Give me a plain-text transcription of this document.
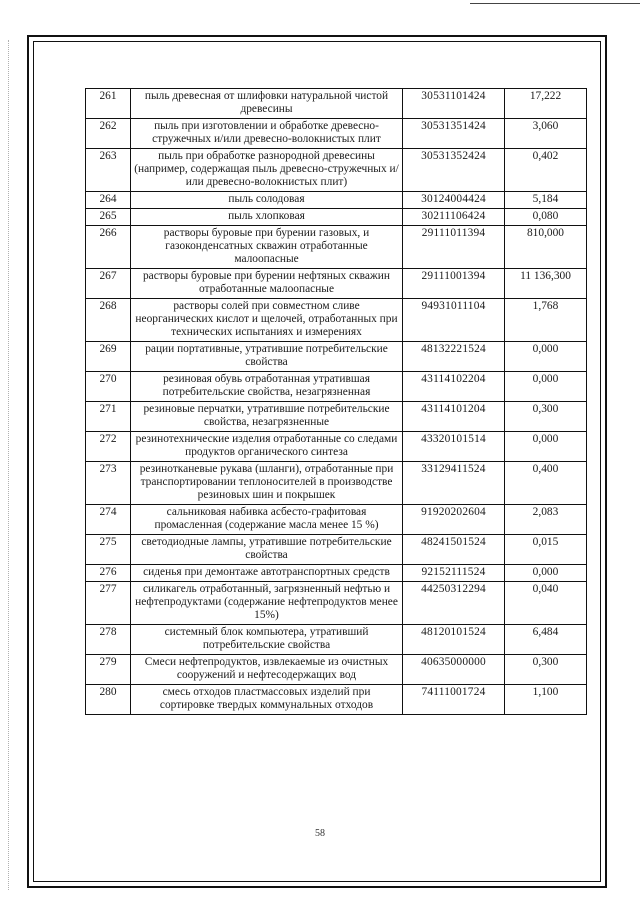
261	пыль древесная от шлифовки натуральной чистой древесины	30531101424	17,222
262	пыль при изготовлении и обработке древесно-стружечных и/или древесно-волокнистых плит	30531351424	3,060
263	пыль при обработке разнородной древесины (например, содержащая пыль древесно-стружечных и/или древесно-волокнистых плит)	30531352424	0,402
264	пыль солодовая	30124004424	5,184
265	пыль хлопковая	30211106424	0,080
266	растворы буровые при бурении газовых, и газоконденсатных скважин отработанные малоопасные	29111011394	810,000
267	растворы буровые при бурении нефтяных скважин отработанные малоопасные	29111001394	11 136,300
268	растворы солей при совместном сливе неорганических кислот и щелочей, отработанных при технических испытаниях и измерениях	94931011104	1,768
269	рации портативные, утратившие потребительские свойства	48132221524	0,000
270	резиновая обувь отработанная утратившая потребительские свойства, незагрязненная	43114102204	0,000
271	резиновые перчатки, утратившие потребительские свойства, незагрязненные	43114101204	0,300
272	резинотехнические изделия отработанные со следами продуктов органического синтеза	43320101514	0,000
273	резинотканевые рукава (шланги), отработанные при транспортировании теплоносителей в производстве резиновых шин и покрышек	33129411524	0,400
274	сальниковая набивка асбесто-графитовая промасленная (содержание масла менее 15 %)	91920202604	2,083
275	светодиодные лампы, утратившие потребительские свойства	48241501524	0,015
276	сиденья при демонтаже автотранспортных средств	92152111524	0,000
277	силикагель отработанный, загрязненный нефтью и нефтепродуктами (содержание нефтепродуктов менее 15%)	44250312294	0,040
278	системный блок компьютера, утративший потребительские свойства	48120101524	6,484
279	Смеси нефтепродуктов, извлекаемые из очистных сооружений и нефтесодержащих вод	40635000000	0,300
280	смесь отходов пластмассовых изделий при сортировке твердых коммунальных отходов	74111001724	1,100
58
